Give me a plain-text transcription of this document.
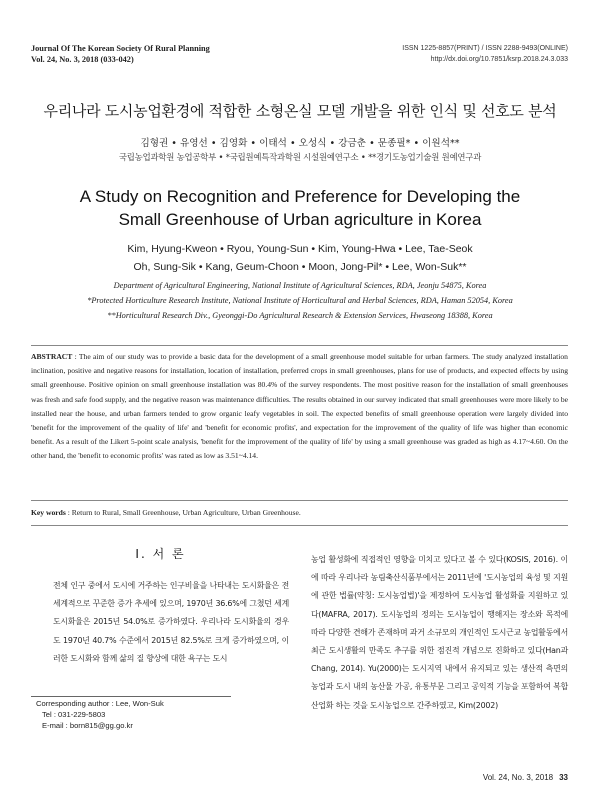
Journal Of The Korean Society Of Rural Planning
Vol. 24, No. 3, 2018 (033-042)
ISSN 1225-8857(PRINT) / ISSN 2288-9493(ONLINE)
http://dx.doi.org/10.7851/ksrp.2018.24.3.033
우리나라 도시농업환경에 적합한 소형온실 모델 개발을 위한 인식 및 선호도 분석
김형권 • 유영선 • 김영화 • 이태석 • 오성식 • 강금춘 • 문종필* • 이원석**
국립농업과학원 농업공학부 • *국립원예특작과학원 시설원예연구소 • **경기도농업기술원 원예연구과
A Study on Recognition and Preference for Developing the Small Greenhouse of Urban agriculture in Korea
Kim, Hyung-Kweon • Ryou, Young-Sun • Kim, Young-Hwa • Lee, Tae-Seok
Oh, Sung-Sik • Kang, Geum-Choon • Moon, Jong-Pil* • Lee, Won-Suk**
Department of Agricultural Engineering, National Institute of Agricultural Sciences, RDA, Jeonju 54875, Korea
*Protected Horticulture Research Institute, National Institute of Horticultural and Herbal Sciences, RDA, Haman 52054, Korea
**Horticultural Research Div., Gyeonggi-Do Agricultural Research & Extension Services, Hwaseong 18388, Korea
ABSTRACT : The aim of our study was to provide a basic data for the development of a small greenhouse model suitable for urban farmers. The study analyzed installation inclination, positive and negative reasons for installation, location of installation, preferred crops in small greenhouses, plans for use of products, and expected effects by using small greenhouse. Positive opinion on small greenhouse installation was 80.4% of the survey respondents. The most positive reason for the installation of small greenhouses was fresh and safe food supply, and the negative reason was maintenance difficulties. The results obtained in our survey indicated that small greenhouses were more likely to be installed near the house, and urban farmers tended to grow organic leafy vegetables in soil. The expected benefits of small greenhouse operation were largely divided into 'benefit for the improvement of the quality of life' and 'benefit for economic profits', and expectation for the improvement of the quality of life was higher than economic benefit. As a result of the Likert 5-point scale analysis, 'benefit for the improvement of the quality of life' by using a small greenhouse was graded as high as 4.17~4.60. On the other hand, the 'benefit to economic profits' was rated as low as 3.51~4.14.
Key words : Return to Rural, Small Greenhouse, Urban Agriculture, Urban Greenhouse.
Ⅰ. 서 론
전체 인구 중에서 도시에 거주하는 인구비율을 나타내는 도시화율은 전 세계적으로 꾸준한 증가 추세에 있으며, 1970년 36.6%에 그쳤던 세계 도시화율은 2015년 54.0%로 증가하였다. 우리나라 도시화율의 경우도 1970년 40.7% 수준에서 2015년 82.5%로 크게 증가하였으며, 이러한 도시화와 함께 삶의 질 향상에 대한 욕구는 도시
농업 활성화에 직접적인 영향을 미치고 있다고 볼 수 있다(KOSIS, 2016). 이에 따라 우리나라 농림축산식품부에서는 2011년에 '도시농업의 육성 및 지원에 관한 법률(약칭: 도시농업법)'을 제정하여 도시농업 활성화를 지원하고 있다(MAFRA, 2017). 도시농업의 정의는 도시농업이 행해지는 장소와 목적에 따라 다양한 견해가 존재하며 과거 소규모의 개인적인 도시근교 농업활동에서 최근 도시생활의 만족도 추구를 위한 점진적 개념으로 진화하고 있다(Han과 Chang, 2014). Yu(2000)는 도시지역 내에서 유지되고 있는 생산적 측면의 농업과 도시 내의 농산물 가공, 유통부문 그리고 공익적 기능을 포함하여 복합산업화 하는 것을 도시농업으로 간주하였고, Kim(2002)
Corresponding author : Lee, Won-Suk
Tel : 031-229-5803
E-mail : born815@gg.go.kr
Vol. 24, No. 3, 2018 33
